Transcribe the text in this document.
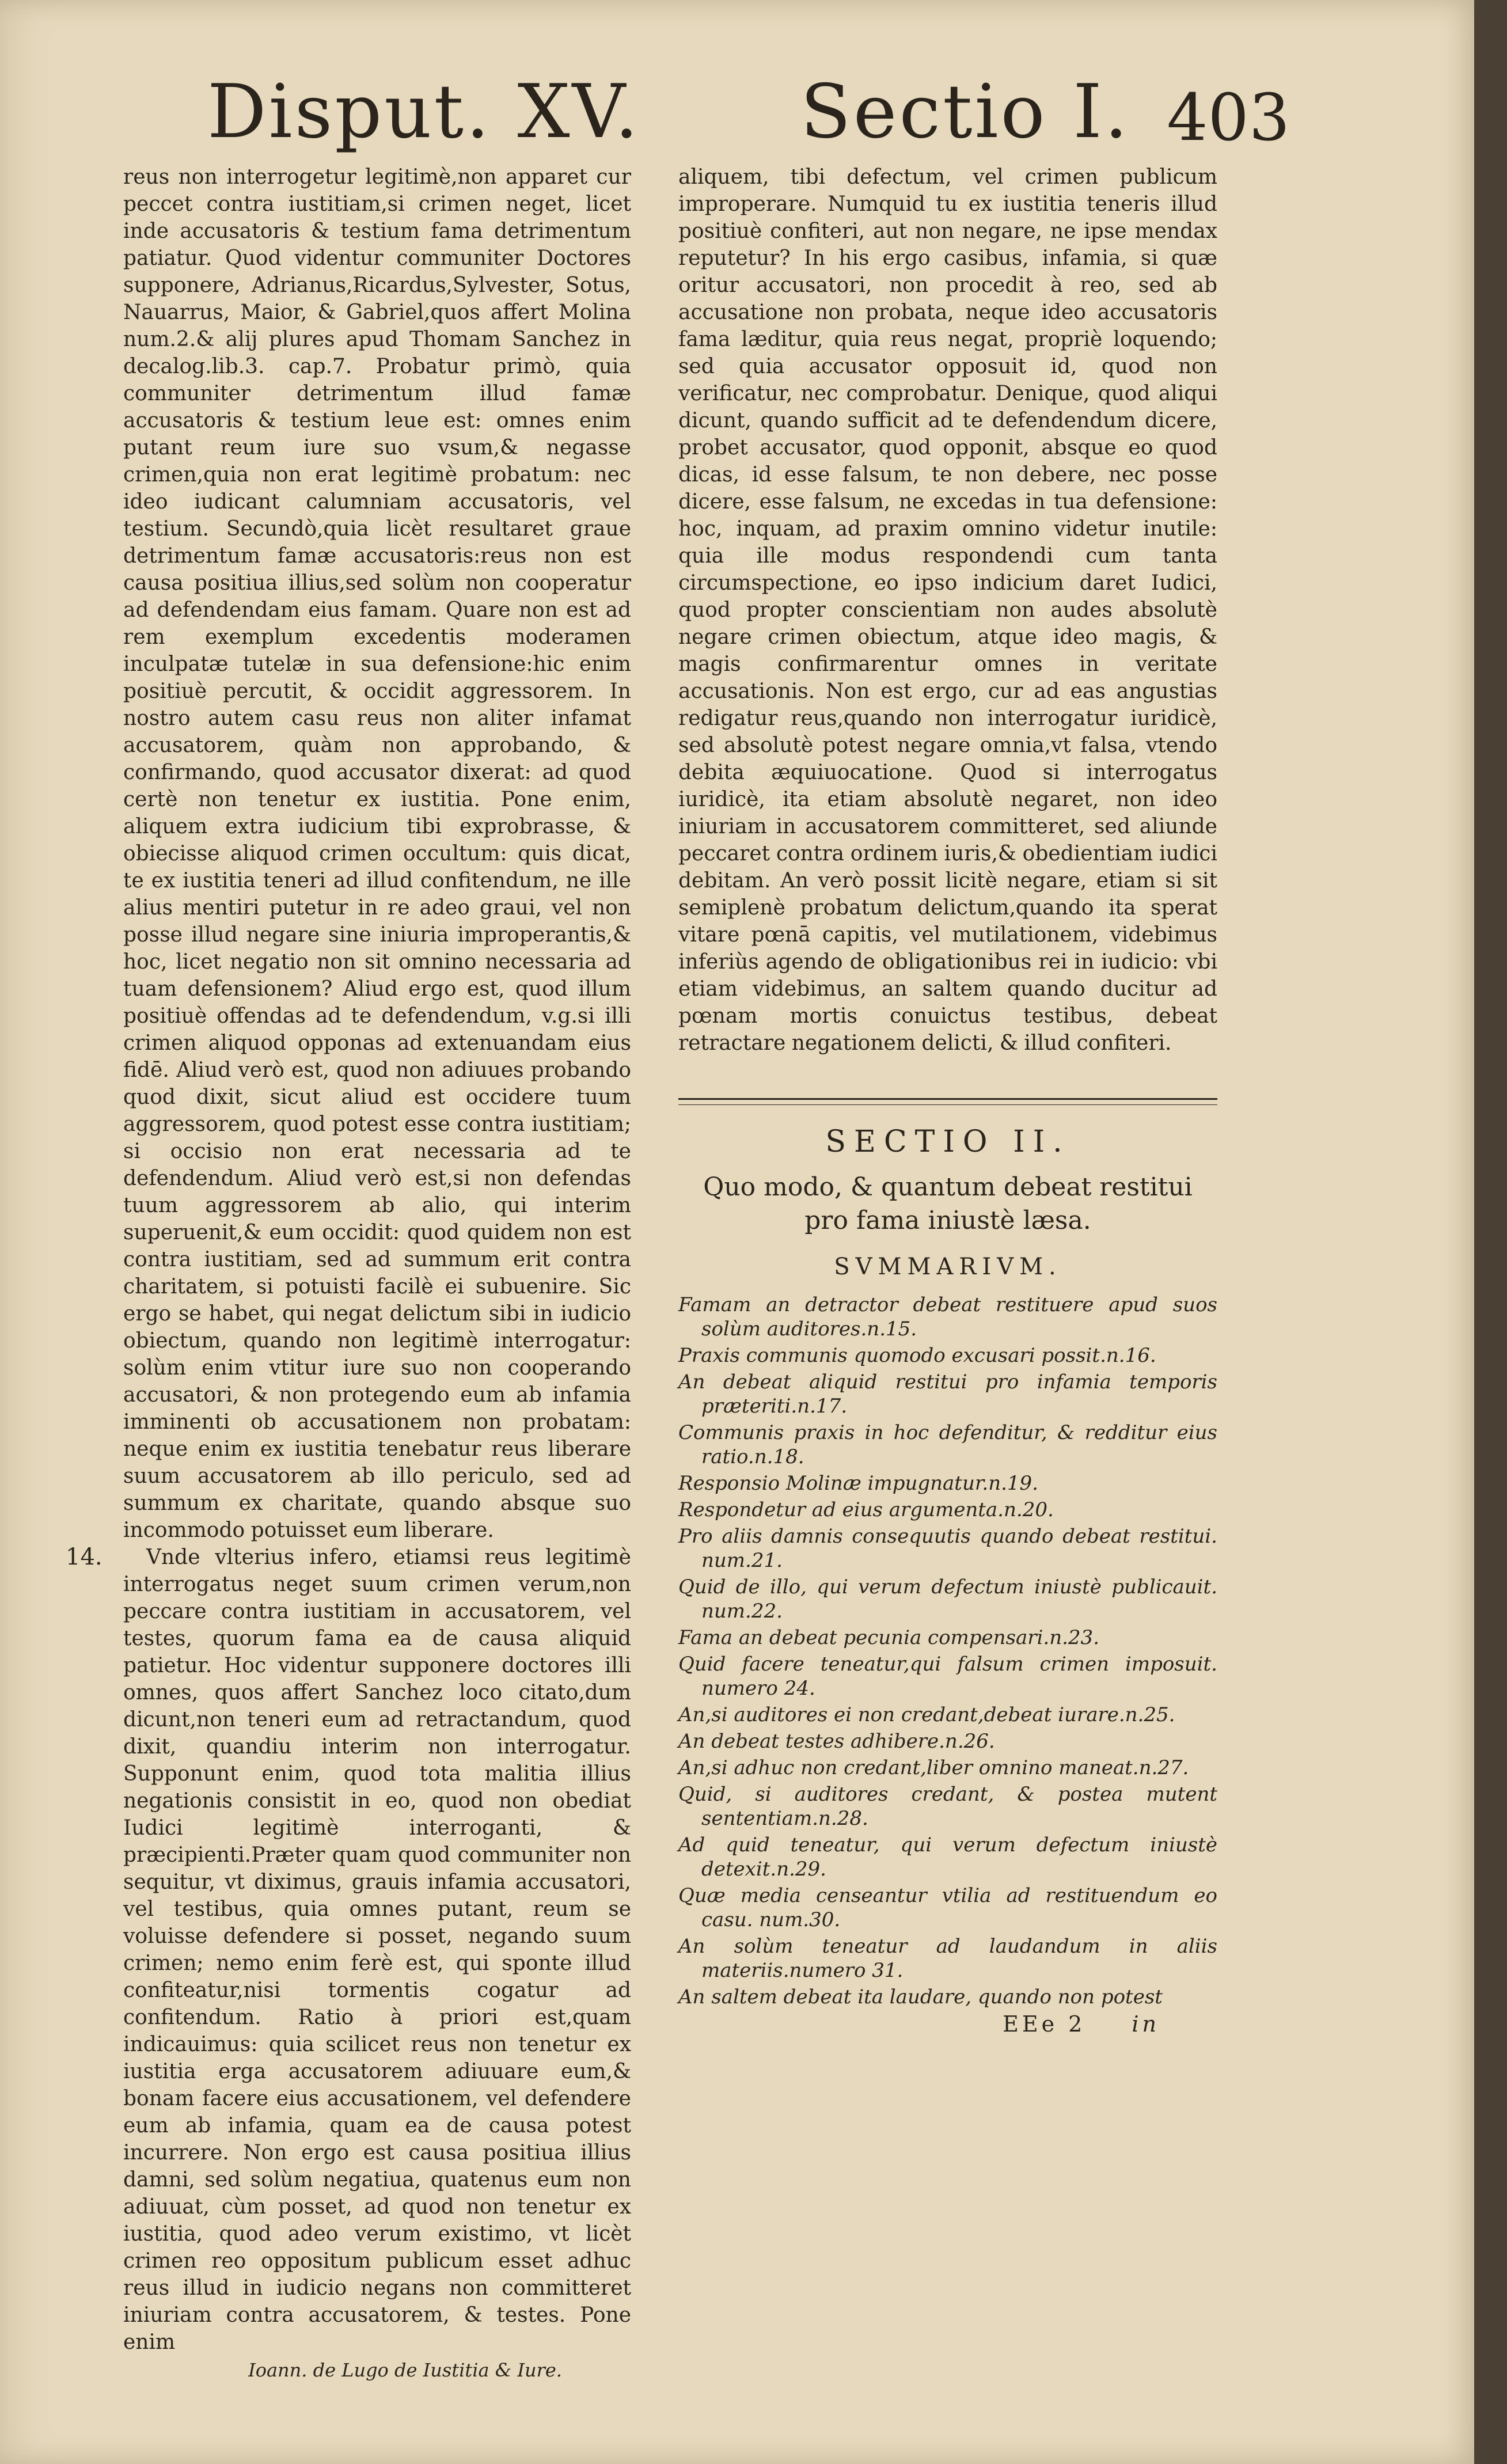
Disput. XV. Sectio I. 403

reus non interrogetur legitimè,non apparet cur peccet contra iustitiam,si crimen neget, licet inde accusatoris & testium fama detrimentum patiatur. Quod videntur communiter Doctores supponere, Adrianus,Ricardus,Sylvester, Sotus, Nauarrus, Maior, & Gabriel,quos affert Molina num.2.& alij plures apud Thomam Sanchez in decalog.lib.3. cap.7. Probatur primò, quia communiter detrimentum illud famæ accusatoris & testium leue est: omnes enim putant reum iure suo vsum,& negasse crimen,quia non erat legitimè probatum: nec ideo iudicant calumniam accusatoris, vel testium. Secundò,quia licèt resultaret graue detrimentum famæ accusatoris:reus non est causa positiua illius,sed solùm non cooperatur ad defendendam eius famam. Quare non est ad rem exemplum excedentis moderamen inculpatæ tutelæ in sua defensione:hic enim positiuè percutit, & occidit aggressorem. In nostro autem casu reus non aliter infamat accusatorem, quàm non approbando, & confirmando, quod accusator dixerat: ad quod certè non tenetur ex iustitia. Pone enim, aliquem extra iudicium tibi exprobrasse, & obiecisse aliquod crimen occultum: quis dicat, te ex iustitia teneri ad illud confitendum, ne ille alius mentiri putetur in re adeo graui, vel non posse illud negare sine iniuria improperantis,& hoc, licet negatio non sit omnino necessaria ad tuam defensionem? Aliud ergo est, quod illum positiuè offendas ad te defendendum, v.g.si illi crimen aliquod opponas ad extenuandam eius fidē. Aliud verò est, quod non adiuues probando quod dixit, sicut aliud est occidere tuum aggressorem, quod potest esse contra iustitiam; si occisio non erat necessaria ad te defendendum. Aliud verò est,si non defendas tuum aggressorem ab alio, qui interim superuenit,& eum occidit: quod quidem non est contra iustitiam, sed ad summum erit contra charitatem, si potuisti facilè ei subuenire. Sic ergo se habet, qui negat delictum sibi in iudicio obiectum, quando non legitimè interrogatur: solùm enim vtitur iure suo non cooperando accusatori, & non protegendo eum ab infamia imminenti ob accusationem non probatam: neque enim ex iustitia tenebatur reus liberare suum accusatorem ab illo periculo, sed ad summum ex charitate, quando absque suo incommodo potuisset eum liberare.

14.	Vnde vlterius infero, etiamsi reus legitimè interrogatus neget suum crimen verum,non peccare contra iustitiam in accusatorem, vel testes, quorum fama ea de causa aliquid patietur. Hoc videntur supponere doctores illi omnes, quos affert Sanchez loco citato,dum dicunt,non teneri eum ad retractandum, quod dixit, quandiu interim non interrogatur. Supponunt enim, quod tota malitia illius negationis consistit in eo, quod non obediat Iudici legitimè interroganti, & præcipienti.Præter quam quod communiter non sequitur, vt diximus, grauis infamia accusatori, vel testibus, quia omnes putant, reum se voluisse defendere si posset, negando suum crimen; nemo enim ferè est, qui sponte illud confiteatur,nisi tormentis cogatur ad confitendum. Ratio à priori est,quam indicauimus: quia scilicet reus non tenetur ex iustitia erga accusatorem adiuuare eum,& bonam facere eius accusationem, vel defendere eum ab infamia, quam ea de causa potest incurrere. Non ergo est causa positiua illius damni, sed solùm negatiua, quatenus eum non adiuuat, cùm posset, ad quod non tenetur ex iustitia, quod adeo verum existimo, vt licèt crimen reo oppositum publicum esset adhuc reus illud in iudicio negans non committeret iniuriam contra accusatorem, & testes. Pone enim

Ioann. de Lugo de Iustitia & Iure.

aliquem, tibi defectum, vel crimen publicum improperare. Numquid tu ex iustitia teneris illud positiuè confiteri, aut non negare, ne ipse mendax reputetur? In his ergo casibus, infamia, si quæ oritur accusatori, non procedit à reo, sed ab accusatione non probata, neque ideo accusatoris fama læditur, quia reus negat, propriè loquendo; sed quia accusator opposuit id, quod non verificatur, nec comprobatur. Denique, quod aliqui dicunt, quando sufficit ad te defendendum dicere, probet accusator, quod opponit, absque eo quod dicas, id esse falsum, te non debere, nec posse dicere, esse falsum, ne excedas in tua defensione: hoc, inquam, ad praxim omnino videtur inutile: quia ille modus respondendi cum tanta circumspectione, eo ipso indicium daret Iudici, quod propter conscientiam non audes absolutè negare crimen obiectum, atque ideo magis, & magis confirmarentur omnes in veritate accusationis. Non est ergo, cur ad eas angustias redigatur reus,quando non interrogatur iuridicè, sed absolutè potest negare omnia,vt falsa, vtendo debita æquiuocatione. Quod si interrogatus iuridicè, ita etiam absolutè negaret, non ideo iniuriam in accusatorem committeret, sed aliunde peccaret contra ordinem iuris,& obedientiam iudici debitam. An verò possit licitè negare, etiam si sit semiplenè probatum delictum,quando ita sperat vitare pœnā capitis, vel mutilationem, videbimus inferiùs agendo de obligationibus rei in iudicio: vbi etiam videbimus, an saltem quando ducitur ad pœnam mortis conuictus testibus, debeat retractare negationem delicti, & illud confiteri.

SECTIO II.
Quo modo, & quantum debeat restitui pro fama iniustè læsa.
SVMMARIVM.
Famam an detractor debeat restituere apud suos solùm auditores.n.15.
Praxis communis quomodo excusari possit.n.16.
An debeat aliquid restitui pro infamia temporis præteriti.n.17.
Communis praxis in hoc defenditur, & redditur eius ratio.n.18.
Responsio Molinæ impugnatur.n.19.
Respondetur ad eius argumenta.n.20.
Pro aliis damnis consequutis quando debeat restitui. num.21.
Quid de illo, qui verum defectum iniustè publicauit. num.22.
Fama an debeat pecunia compensari.n.23.
Quid facere teneatur,qui falsum crimen imposuit. numero 24.
An,si auditores ei non credant,debeat iurare.n.25.
An debeat testes adhibere.n.26.
An,si adhuc non credant,liber omnino maneat.n.27.
Quid, si auditores credant, & postea mutent sententiam.n.28.
Ad quid teneatur, qui verum defectum iniustè detexit.n.29.
Quæ media censeantur vtilia ad restituendum eo casu. num.30.
An solùm teneatur ad laudandum in aliis materiis.numero 31.
An saltem debeat ita laudare, quando non potest
EEe 2 in
